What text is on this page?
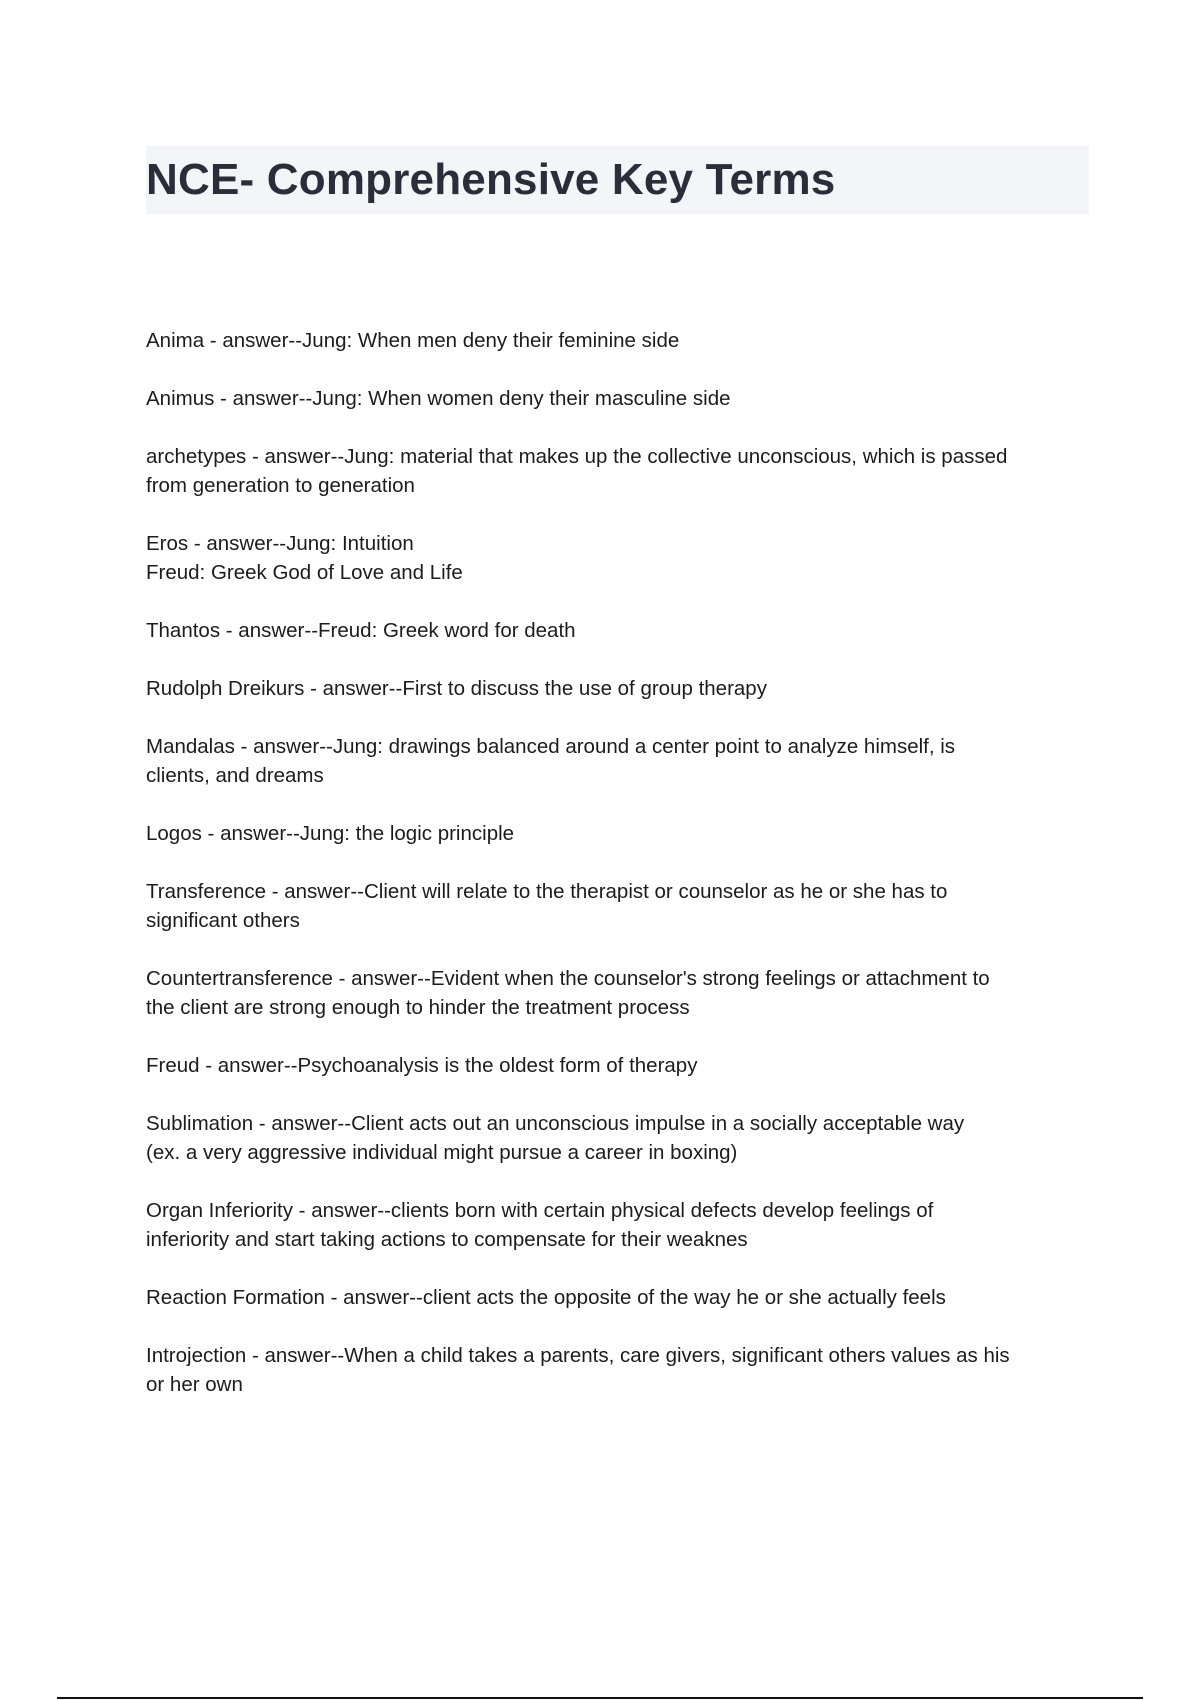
NCE- Comprehensive Key Terms
Anima - answer--Jung: When men deny their feminine side
Animus - answer--Jung: When women deny their masculine side
archetypes - answer--Jung: material that makes up the collective unconscious, which is passed
from generation to generation
Eros - answer--Jung: Intuition
Freud: Greek God of Love and Life
Thantos - answer--Freud: Greek word for death
Rudolph Dreikurs - answer--First to discuss the use of group therapy
Mandalas - answer--Jung: drawings balanced around a center point to analyze himself, is
clients, and dreams
Logos - answer--Jung: the logic principle
Transference - answer--Client will relate to the therapist or counselor as he or she has to
significant others
Countertransference - answer--Evident when the counselor's strong feelings or attachment to
the client are strong enough to hinder the treatment process
Freud - answer--Psychoanalysis is the oldest form of therapy
Sublimation - answer--Client acts out an unconscious impulse in a socially acceptable way
(ex. a very aggressive individual might pursue a career in boxing)
Organ Inferiority - answer--clients born with certain physical defects develop feelings of
inferiority and start taking actions to compensate for their weaknes
Reaction Formation - answer--client acts the opposite of the way he or she actually feels
Introjection - answer--When a child takes a parents, care givers, significant others values as his
or her own
